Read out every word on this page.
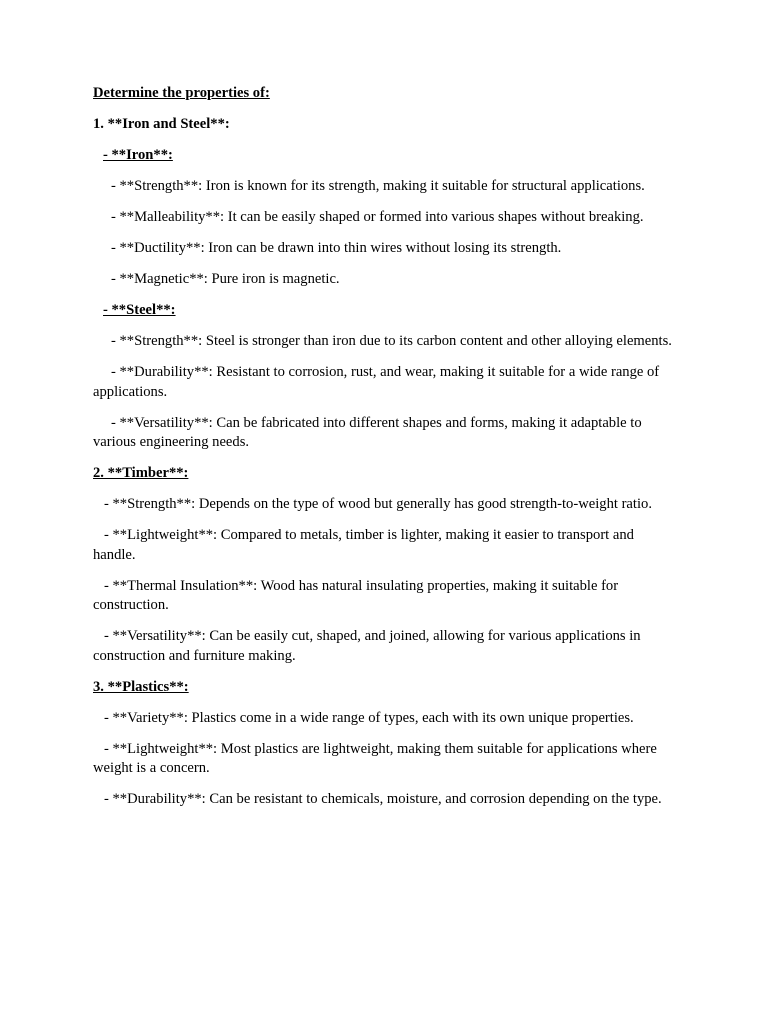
Determine the properties of:

1. **Iron and Steel**:

- **Iron**:

- **Strength**: Iron is known for its strength, making it suitable for structural applications.

- **Malleability**: It can be easily shaped or formed into various shapes without breaking.

- **Ductility**: Iron can be drawn into thin wires without losing its strength.

- **Magnetic**: Pure iron is magnetic.

- **Steel**:

- **Strength**: Steel is stronger than iron due to its carbon content and other alloying elements.

- **Durability**: Resistant to corrosion, rust, and wear, making it suitable for a wide range of applications.

- **Versatility**: Can be fabricated into different shapes and forms, making it adaptable to various engineering needs.

2. **Timber**:

- **Strength**: Depends on the type of wood but generally has good strength-to-weight ratio.

- **Lightweight**: Compared to metals, timber is lighter, making it easier to transport and handle.

- **Thermal Insulation**: Wood has natural insulating properties, making it suitable for construction.

- **Versatility**: Can be easily cut, shaped, and joined, allowing for various applications in construction and furniture making.

3. **Plastics**:

- **Variety**: Plastics come in a wide range of types, each with its own unique properties.

- **Lightweight**: Most plastics are lightweight, making them suitable for applications where weight is a concern.

- **Durability**: Can be resistant to chemicals, moisture, and corrosion depending on the type.
